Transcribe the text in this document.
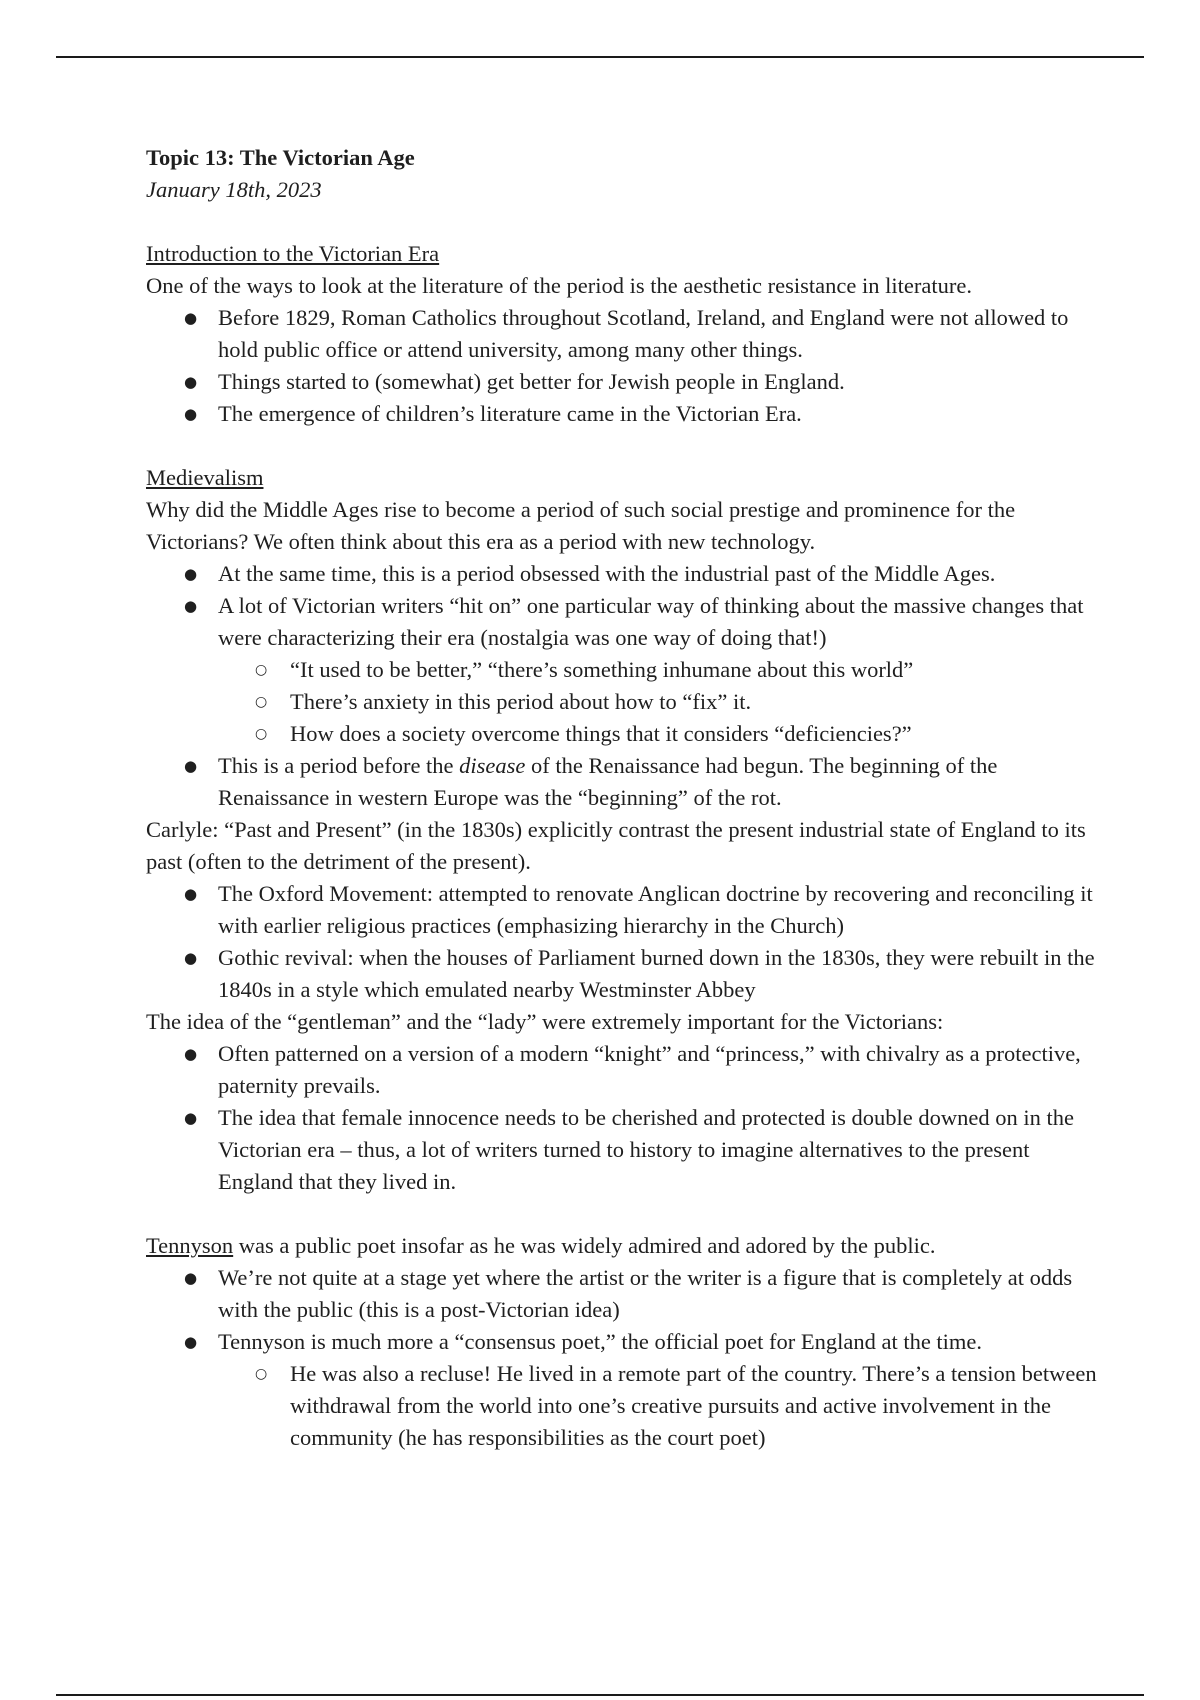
Topic 13: The Victorian Age

January 18th, 2023

Introduction to the Victorian Era

One of the ways to look at the literature of the period is the aesthetic resistance in literature.

● Before 1829, Roman Catholics throughout Scotland, Ireland, and England were not allowed to hold public office or attend university, among many other things.
● Things started to (somewhat) get better for Jewish people in England.
● The emergence of children’s literature came in the Victorian Era.

Medievalism

Why did the Middle Ages rise to become a period of such social prestige and prominence for the Victorians? We often think about this era as a period with new technology.

● At the same time, this is a period obsessed with the industrial past of the Middle Ages.
● A lot of Victorian writers “hit on” one particular way of thinking about the massive changes that were characterizing their era (nostalgia was one way of doing that!)
○ “It used to be better,” “there’s something inhumane about this world”
○ There’s anxiety in this period about how to “fix” it.
○ How does a society overcome things that it considers “deficiencies?”
● This is a period before the disease of the Renaissance had begun. The beginning of the Renaissance in western Europe was the “beginning” of the rot.

Carlyle: “Past and Present” (in the 1830s) explicitly contrast the present industrial state of England to its past (often to the detriment of the present).

● The Oxford Movement: attempted to renovate Anglican doctrine by recovering and reconciling it with earlier religious practices (emphasizing hierarchy in the Church)
● Gothic revival: when the houses of Parliament burned down in the 1830s, they were rebuilt in the 1840s in a style which emulated nearby Westminster Abbey

The idea of the “gentleman” and the “lady” were extremely important for the Victorians:

● Often patterned on a version of a modern “knight” and “princess,” with chivalry as a protective, paternity prevails.
● The idea that female innocence needs to be cherished and protected is double downed on in the Victorian era – thus, a lot of writers turned to history to imagine alternatives to the present England that they lived in.

Tennyson was a public poet insofar as he was widely admired and adored by the public.

● We’re not quite at a stage yet where the artist or the writer is a figure that is completely at odds with the public (this is a post-Victorian idea)
● Tennyson is much more a “consensus poet,” the official poet for England at the time.
○ He was also a recluse! He lived in a remote part of the country. There’s a tension between withdrawal from the world into one’s creative pursuits and active involvement in the community (he has responsibilities as the court poet)
